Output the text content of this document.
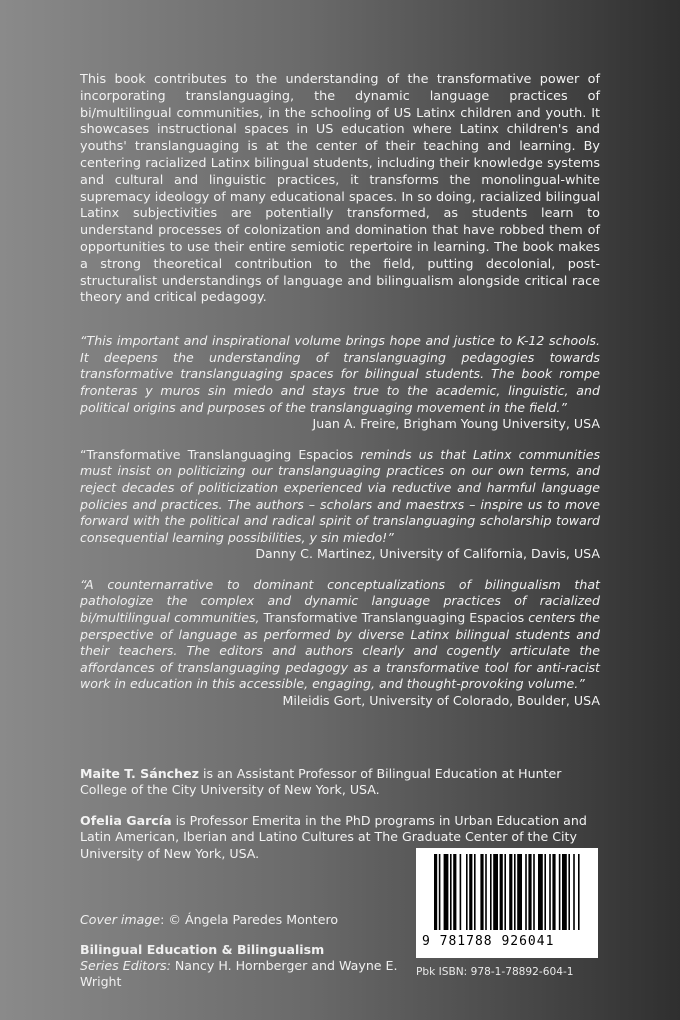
This book contributes to the understanding of the transformative power of incorporating translanguaging, the dynamic language practices of bi/multilingual communities, in the schooling of US Latinx children and youth. It showcases instructional spaces in US education where Latinx children's and youths' translanguaging is at the center of their teaching and learning. By centering racialized Latinx bilingual students, including their knowledge systems and cultural and linguistic practices, it transforms the monolingual-white supremacy ideology of many educational spaces. In so doing, racialized bilingual Latinx subjectivities are potentially transformed, as students learn to understand processes of colonization and domination that have robbed them of opportunities to use their entire semiotic repertoire in learning. The book makes a strong theoretical contribution to the field, putting decolonial, post-structuralist understandings of language and bilingualism alongside critical race theory and critical pedagogy.

“This important and inspirational volume brings hope and justice to K-12 schools. It deepens the understanding of translanguaging pedagogies towards transformative translanguaging spaces for bilingual students. The book rompe fronteras y muros sin miedo and stays true to the academic, linguistic, and political origins and purposes of the translanguaging movement in the field.”

Juan A. Freire, Brigham Young University, USA

“Transformative Translanguaging Espacios reminds us that Latinx communities must insist on politicizing our translanguaging practices on our own terms, and reject decades of politicization experienced via reductive and harmful language policies and practices. The authors – scholars and maestrxs – inspire us to move forward with the political and radical spirit of translanguaging scholarship toward consequential learning possibilities, y sin miedo!”

Danny C. Martinez, University of California, Davis, USA

“A counternarrative to dominant conceptualizations of bilingualism that pathologize the complex and dynamic language practices of racialized bi/multilingual communities, Transformative Translanguaging Espacios centers the perspective of language as performed by diverse Latinx bilingual students and their teachers. The editors and authors clearly and cogently articulate the affordances of translanguaging pedagogy as a transformative tool for anti-racist work in education in this accessible, engaging, and thought-provoking volume.”

Mileidis Gort, University of Colorado, Boulder, USA

Maite T. Sánchez is an Assistant Professor of Bilingual Education at Hunter College of the City University of New York, USA.

Ofelia García is Professor Emerita in the PhD programs in Urban Education and Latin American, Iberian and Latino Cultures at The Graduate Center of the City University of New York, USA.

Cover image: © Ángela Paredes Montero

Bilingual Education & Bilingualism
Series Editors: Nancy H. Hornberger and Wayne E. Wright
9 781788 926041
Pbk ISBN: 978-1-78892-604-1
